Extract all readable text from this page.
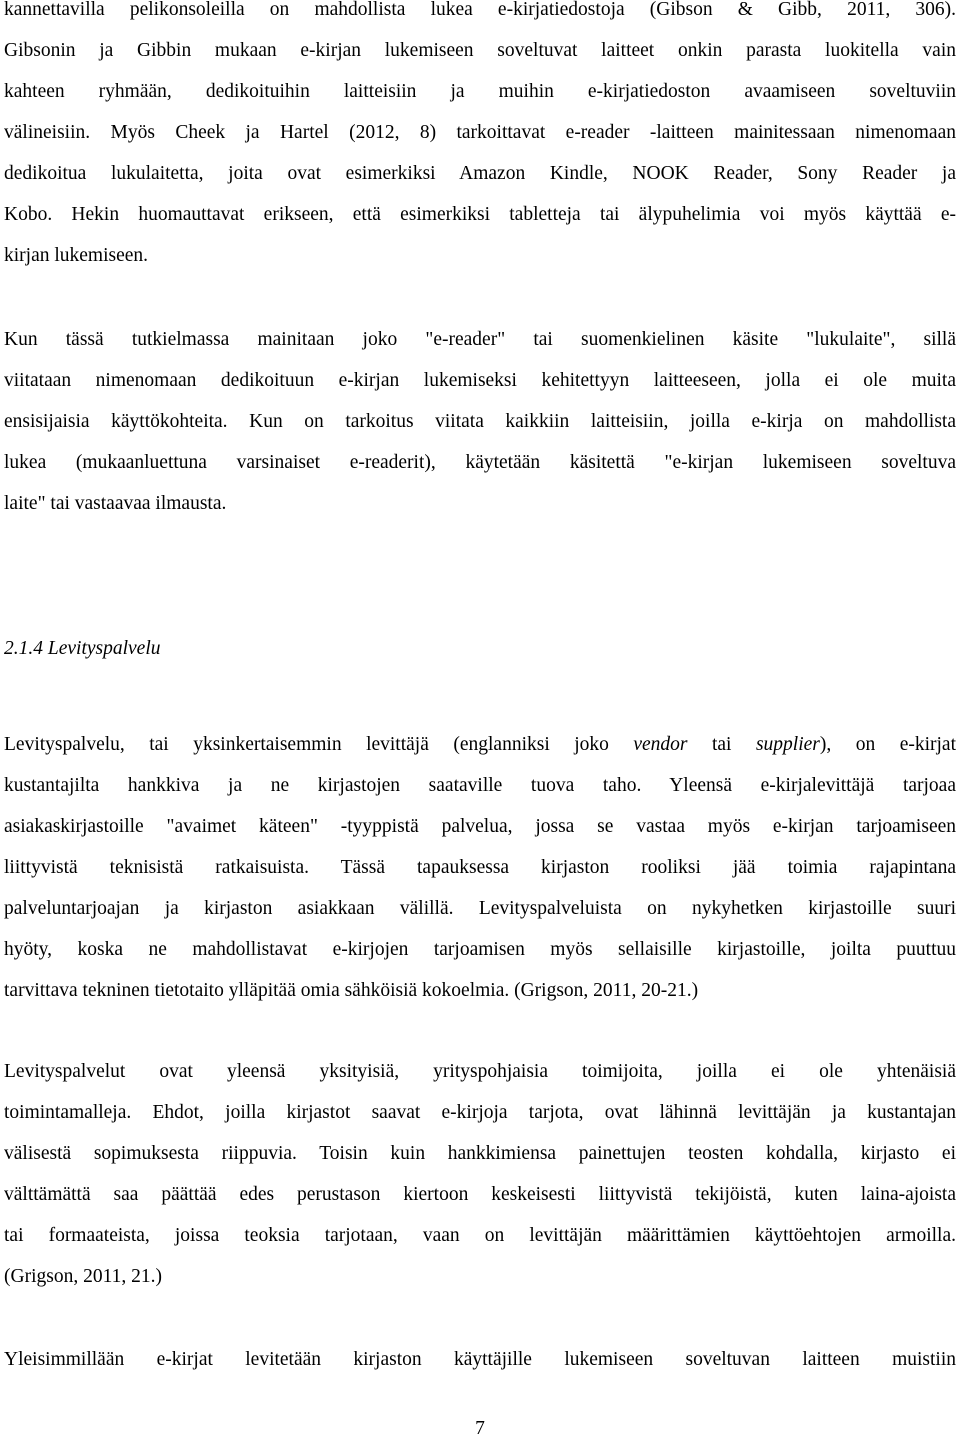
kannettavilla pelikonsoleilla on mahdollista lukea e-kirjatiedostoja (Gibson & Gibb, 2011, 306).
Gibsonin ja Gibbin mukaan e-kirjan lukemiseen soveltuvat laitteet onkin parasta luokitella vain
kahteen ryhmään, dedikoituihin laitteisiin ja muihin e-kirjatiedoston avaamiseen soveltuviin
välineisiin. Myös Cheek ja Hartel (2012, 8) tarkoittavat e-reader -laitteen mainitessaan nimenomaan
dedikoitua lukulaitetta, joita ovat esimerkiksi Amazon Kindle, NOOK Reader, Sony Reader ja
Kobo. Hekin huomauttavat erikseen, että esimerkiksi tabletteja tai älypuhelimia voi myös käyttää e-
kirjan lukemiseen.
Kun tässä tutkielmassa mainitaan joko "e-reader" tai suomenkielinen käsite "lukulaite", sillä
viitataan nimenomaan dedikoituun e-kirjan lukemiseksi kehitettyyn laitteeseen, jolla ei ole muita
ensisijaisia käyttökohteita. Kun on tarkoitus viitata kaikkiin laitteisiin, joilla e-kirja on mahdollista
lukea (mukaanluettuna varsinaiset e-readerit), käytetään käsitettä "e-kirjan lukemiseen soveltuva
laite" tai vastaavaa ilmausta.

2.1.4 Levityspalvelu

Levityspalvelu, tai yksinkertaisemmin levittäjä (englanniksi joko vendor tai supplier), on e-kirjat
kustantajilta hankkiva ja ne kirjastojen saataville tuova taho. Yleensä e-kirjalevittäjä tarjoaa
asiakaskirjastoille "avaimet käteen" -tyyppistä palvelua, jossa se vastaa myös e-kirjan tarjoamiseen
liittyvistä teknisistä ratkaisuista. Tässä tapauksessa kirjaston rooliksi jää toimia rajapintana
palveluntarjoajan ja kirjaston asiakkaan välillä. Levityspalveluista on nykyhetken kirjastoille suuri
hyöty, koska ne mahdollistavat e-kirjojen tarjoamisen myös sellaisille kirjastoille, joilta puuttuu
tarvittava tekninen tietotaito ylläpitää omia sähköisiä kokoelmia. (Grigson, 2011, 20-21.)
Levityspalvelut ovat yleensä yksityisiä, yrityspohjaisia toimijoita, joilla ei ole yhtenäisiä
toimintamalleja. Ehdot, joilla kirjastot saavat e-kirjoja tarjota, ovat lähinnä levittäjän ja kustantajan
välisestä sopimuksesta riippuvia. Toisin kuin hankkimiensa painettujen teosten kohdalla, kirjasto ei
välttämättä saa päättää edes perustason kiertoon keskeisesti liittyvistä tekijöistä, kuten laina-ajoista
tai formaateista, joissa teoksia tarjotaan, vaan on levittäjän määrittämien käyttöehtojen armoilla.
(Grigson, 2011, 21.)
Yleisimmillään e-kirjat levitetään kirjaston käyttäjille lukemiseen soveltuvan laitteen muistiin
7
